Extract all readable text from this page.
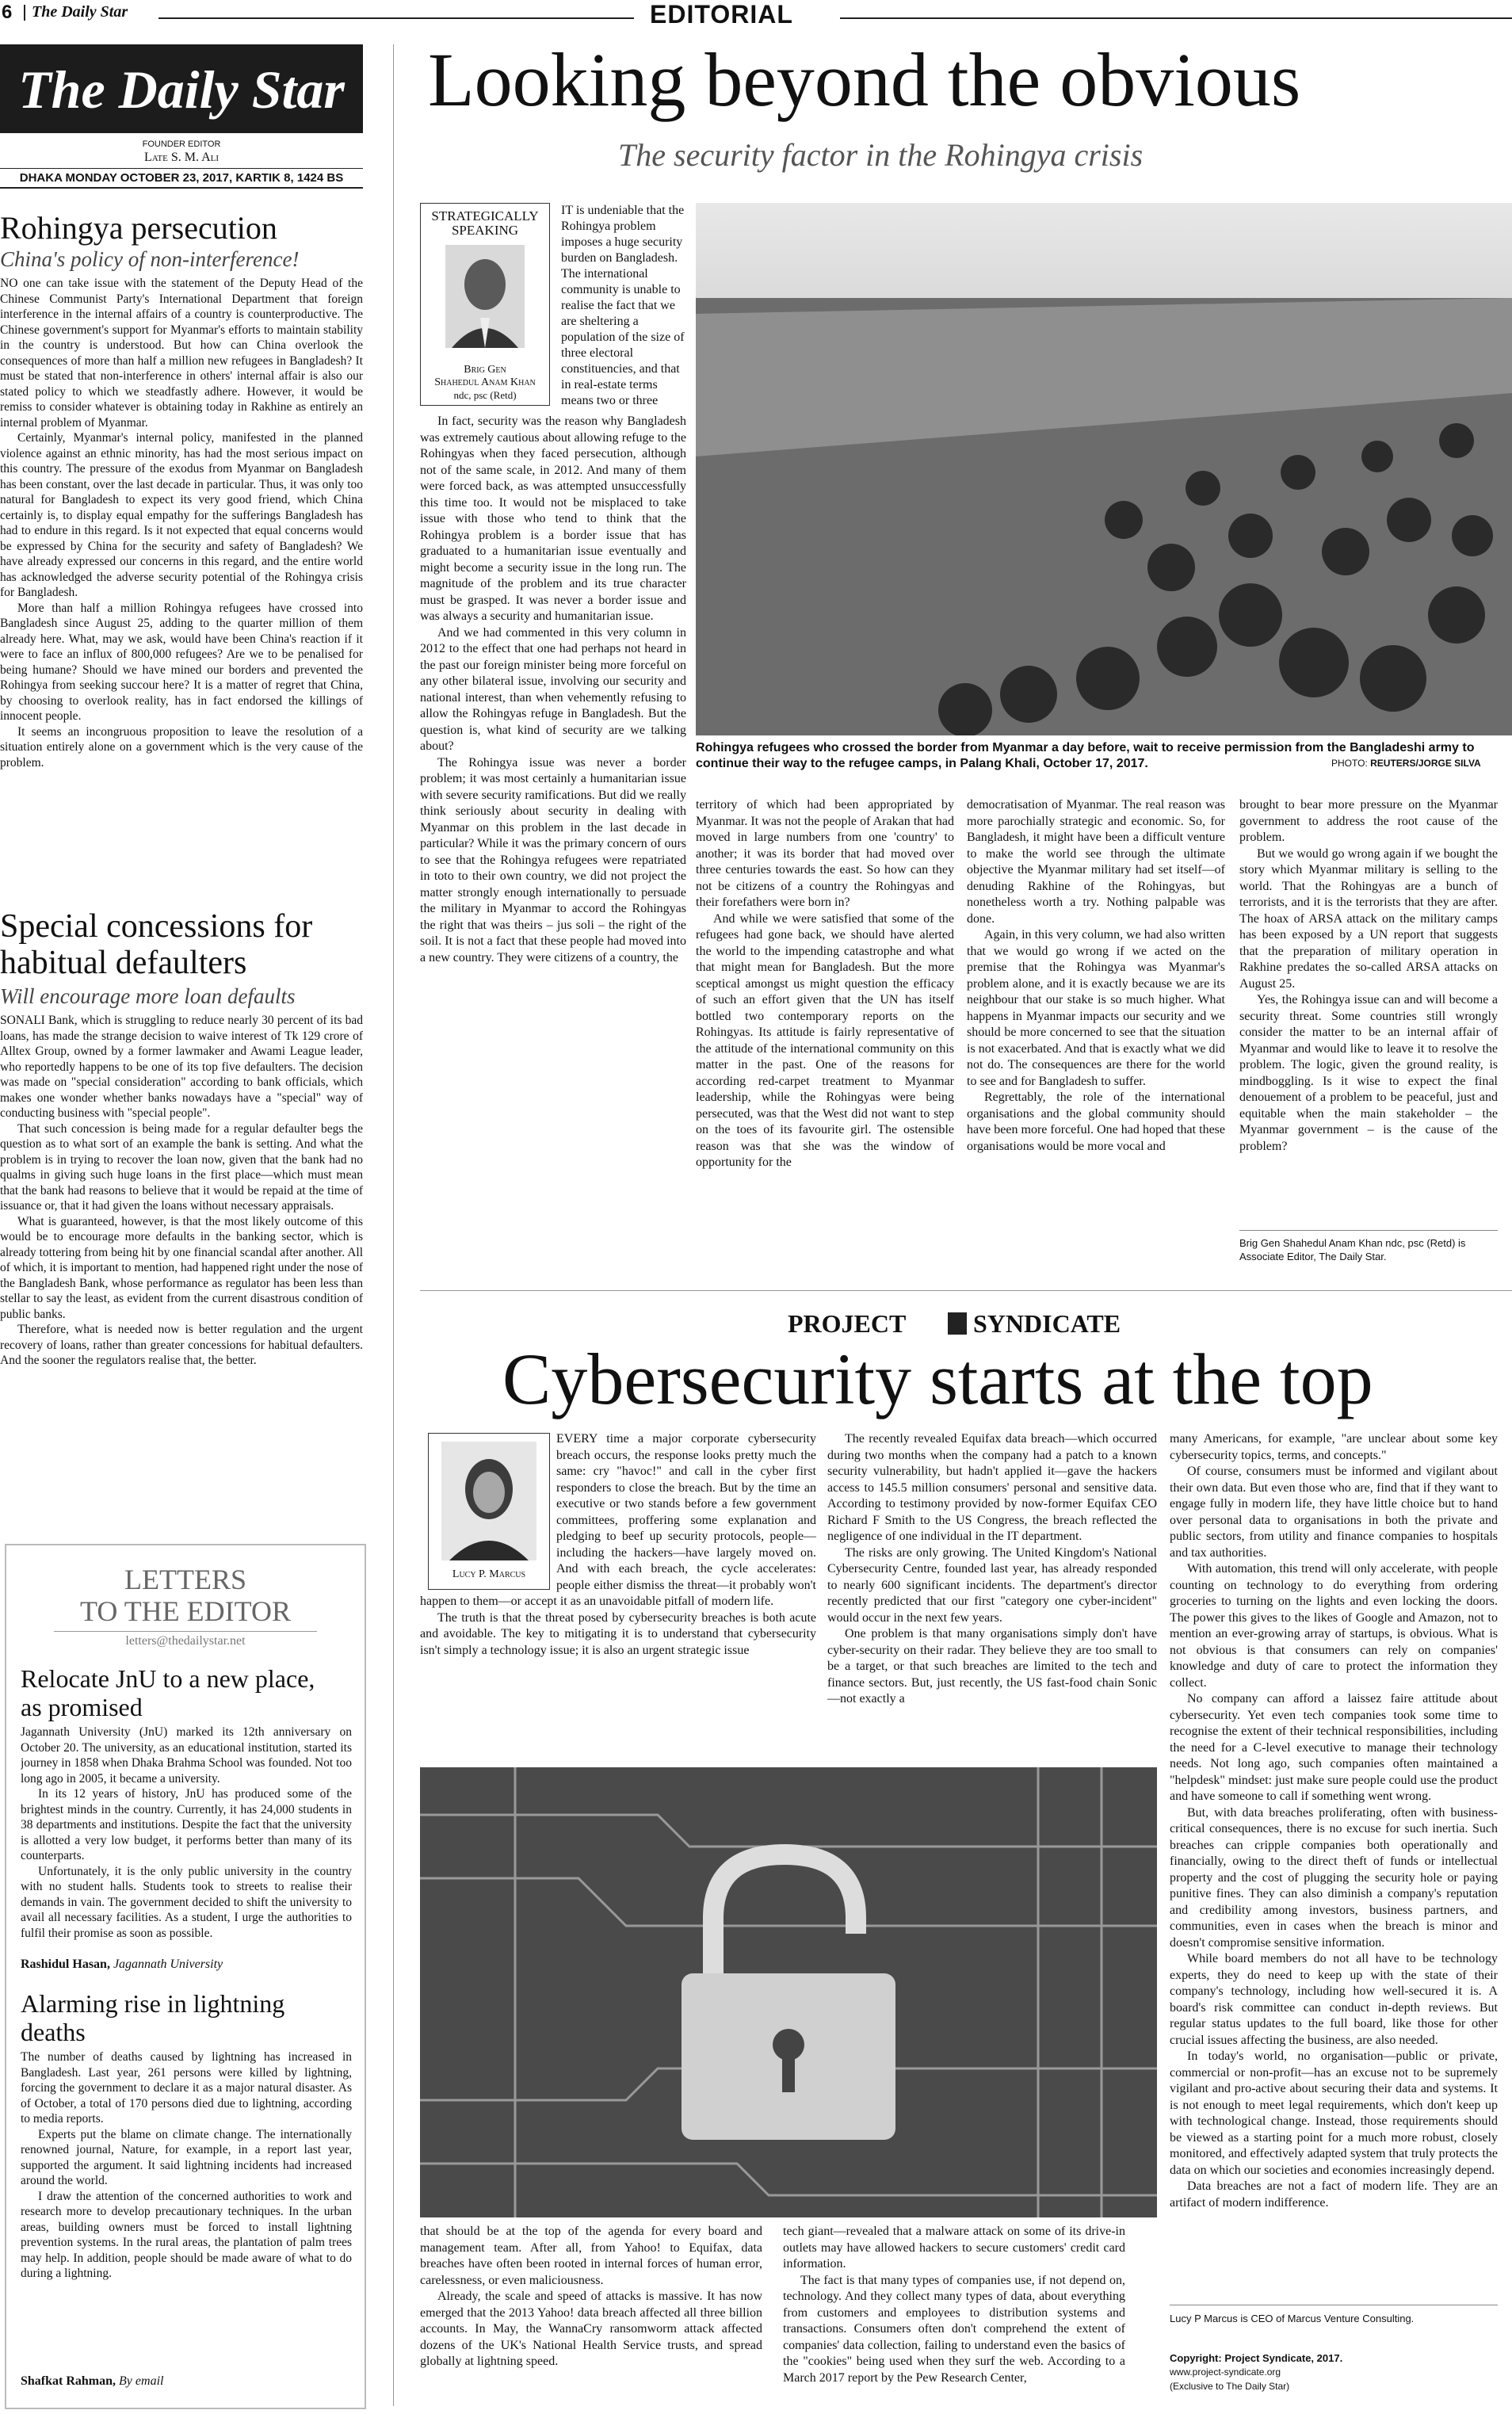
6 The Daily Star	EDITORIAL
The Daily Star
FOUNDER EDITOR
Late S. M. Ali
DHAKA MONDAY OCTOBER 23, 2017, KARTIK 8, 1424 BS
Rohingya persecution
China's policy of non-interference!

NO one can take issue with the statement of the Deputy Head of the Chinese Communist Party's International Department that foreign interference in the internal affairs of a country is counterproductive. The Chinese government's support for Myanmar's efforts to maintain stability in the country is understood. But how can China overlook the consequences of more than half a million new refugees in Bangladesh? It must be stated that non-interference in others' internal affair is also our stated policy to which we steadfastly adhere. However, it would be remiss to consider whatever is obtaining today in Rakhine as entirely an internal problem of Myanmar.

Certainly, Myanmar's internal policy, manifested in the planned violence against an ethnic minority, has had the most serious impact on this country. The pressure of the exodus from Myanmar on Bangladesh has been constant, over the last decade in particular. Thus, it was only too natural for Bangladesh to expect its very good friend, which China certainly is, to display equal empathy for the sufferings Bangladesh has had to endure in this regard. Is it not expected that equal concerns would be expressed by China for the security and safety of Bangladesh? We have already expressed our concerns in this regard, and the entire world has acknowledged the adverse security potential of the Rohingya crisis for Bangladesh.

More than half a million Rohingya refugees have crossed into Bangladesh since August 25, adding to the quarter million of them already here. What, may we ask, would have been China's reaction if it were to face an influx of 800,000 refugees? Are we to be penalised for being humane? Should we have mined our borders and prevented the Rohingya from seeking succour here? It is a matter of regret that China, by choosing to overlook reality, has in fact endorsed the killings of innocent people.

It seems an incongruous proposition to leave the resolution of a situation entirely alone on a government which is the very cause of the problem.

Special concessions for habitual defaulters
Will encourage more loan defaults

SONALI Bank, which is struggling to reduce nearly 30 percent of its bad loans, has made the strange decision to waive interest of Tk 129 crore of Alltex Group, owned by a former lawmaker and Awami League leader, who reportedly happens to be one of its top five defaulters. The decision was made on "special consideration" according to bank officials, which makes one wonder whether banks nowadays have a "special" way of conducting business with "special people".

That such concession is being made for a regular defaulter begs the question as to what sort of an example the bank is setting. And what the problem is in trying to recover the loan now, given that the bank had no qualms in giving such huge loans in the first place—which must mean that the bank had reasons to believe that it would be repaid at the time of issuance or, that it had given the loans without necessary appraisals.

What is guaranteed, however, is that the most likely outcome of this would be to encourage more defaults in the banking sector, which is already tottering from being hit by one financial scandal after another. All of which, it is important to mention, had happened right under the nose of the Bangladesh Bank, whose performance as regulator has been less than stellar to say the least, as evident from the current disastrous condition of public banks.

Therefore, what is needed now is better regulation and the urgent recovery of loans, rather than greater concessions for habitual defaulters. And the sooner the regulators realise that, the better.

LETTERS
TO THE EDITOR
letters@thedailystar.net
Relocate JnU to a new place, as promised

Jagannath University (JnU) marked its 12th anniversary on October 20. The university, as an educational institution, started its journey in 1858 when Dhaka Brahma School was founded. Not too long ago in 2005, it became a university.

In its 12 years of history, JnU has produced some of the brightest minds in the country. Currently, it has 24,000 students in 38 departments and institutions. Despite the fact that the university is allotted a very low budget, it performs better than many of its counterparts.

Unfortunately, it is the only public university in the country with no student halls. Students took to streets to realise their demands in vain. The government decided to shift the university to avail all necessary facilities. As a student, I urge the authorities to fulfil their promise as soon as possible.

Rashidul Hasan, Jagannath University
Alarming rise in lightning deaths

The number of deaths caused by lightning has increased in Bangladesh. Last year, 261 persons were killed by lightning, forcing the government to declare it as a major natural disaster. As of October, a total of 170 persons died due to lightning, according to media reports.

Experts put the blame on climate change. The internationally renowned journal, Nature, for example, in a report last year, supported the argument. It said lightning incidents had increased around the world.

I draw the attention of the concerned authorities to work and research more to develop precautionary techniques. In the urban areas, building owners must be forced to install lightning prevention systems. In the rural areas, the plantation of palm trees may help. In addition, people should be made aware of what to do during a lightning.

Shafkat Rahman, By email
Looking beyond the obvious
The security factor in the Rohingya crisis
STRATEGICALLY
SPEAKING
Brig Gen
Shahedul Anam Khan
ndc, psc (Retd)
Rohingya refugees who crossed the border from Myanmar a day before, wait to receive permission from the Bangladeshi army to continue their way to the refugee camps, in Palang Khali, October 17, 2017.	PHOTO: REUTERS/JORGE SILVA

IT is undeniable that the Rohingya problem imposes a huge security burden on Bangladesh. The international community is unable to realise the fact that we are sheltering a population of the size of three electoral constituencies, and that in real-estate terms means two or three

In fact, security was the reason why Bangladesh was extremely cautious about allowing refuge to the Rohingyas when they faced persecution, although not of the same scale, in 2012. And many of them were forced back, as was attempted unsuccessfully this time too. It would not be misplaced to take issue with those who tend to think that the Rohingya problem is a border issue that has graduated to a humanitarian issue eventually and might become a security issue in the long run. The magnitude of the problem and its true character must be grasped. It was never a border issue and was always a security and humanitarian issue.

And we had commented in this very column in 2012 to the effect that one had perhaps not heard in the past our foreign minister being more forceful on any other bilateral issue, involving our security and national interest, than when vehemently refusing to allow the Rohingyas refuge in Bangladesh. But the question is, what kind of security are we talking about?

The Rohingya issue was never a border problem; it was most certainly a humanitarian issue with severe security ramifications. But did we really think seriously about security in dealing with Myanmar on this problem in the last decade in particular? While it was the primary concern of ours to see that the Rohingya refugees were repatriated in toto to their own country, we did not project the matter strongly enough internationally to persuade the military in Myanmar to accord the Rohingyas the right that was theirs – jus soli – the right of the soil. It is not a fact that these people had moved into a new country. They were citizens of a country, the

territory of which had been appropriated by Myanmar. It was not the people of Arakan that had moved in large numbers from one 'country' to another; it was its border that had moved over three centuries towards the east. So how can they not be citizens of a country the Rohingyas and their forefathers were born in?

And while we were satisfied that some of the refugees had gone back, we should have alerted the world to the impending catastrophe and what that might mean for Bangladesh. But the more sceptical amongst us might question the efficacy of such an effort given that the UN has itself bottled two contemporary reports on the Rohingyas. Its attitude is fairly representative of the attitude of the international community on this matter in the past. One of the reasons for according red-carpet treatment to Myanmar leadership, while the Rohingyas were being persecuted, was that the West did not want to step on the toes of its favourite girl. The ostensible reason was that she was the window of opportunity for the

democratisation of Myanmar. The real reason was more parochially strategic and economic. So, for Bangladesh, it might have been a difficult venture to make the world see through the ultimate objective the Myanmar military had set itself—of denuding Rakhine of the Rohingyas, but nonetheless worth a try. Nothing palpable was done.

Again, in this very column, we had also written that we would go wrong if we acted on the premise that the Rohingya was Myanmar's problem alone, and it is exactly because we are its neighbour that our stake is so much higher. What happens in Myanmar impacts our security and we should be more concerned to see that the situation is not exacerbated. And that is exactly what we did not do. The consequences are there for the world to see and for Bangladesh to suffer.

Regrettably, the role of the international organisations and the global community should have been more forceful. One had hoped that these organisations would be more vocal and

brought to bear more pressure on the Myanmar government to address the root cause of the problem.

But we would go wrong again if we bought the story which Myanmar military is selling to the world. That the Rohingyas are a bunch of terrorists, and it is the terrorists that they are after. The hoax of ARSA attack on the military camps has been exposed by a UN report that suggests that the preparation of military operation in Rakhine predates the so-called ARSA attacks on August 25.

Yes, the Rohingya issue can and will become a security threat. Some countries still wrongly consider the matter to be an internal affair of Myanmar and would like to leave it to resolve the problem. The logic, given the ground reality, is mindboggling. Is it wise to expect the final denouement of a problem to be peaceful, just and equitable when the main stakeholder – the Myanmar government – is the cause of the problem?

Brig Gen Shahedul Anam Khan ndc, psc (Retd) is Associate Editor, The Daily Star.
PROJECT	SYNDICATE
Cybersecurity starts at the top
Lucy P. Marcus

EVERY time a major corporate cybersecurity breach occurs, the response looks pretty much the same: cry "havoc!" and call in the cyber first responders to close the breach. But by the time an executive or two stands before a few government committees, proffering some explanation and pledging to beef up security protocols, people—including the hackers—have largely moved on. And with each breach, the cycle accelerates: people either dismiss the threat—it probably won't happen to them—or accept it as an unavoidable pitfall of modern life.

The truth is that the threat posed by cybersecurity breaches is both acute and avoidable. The key to mitigating it is to understand that cybersecurity isn't simply a technology issue; it is also an urgent strategic issue

The recently revealed Equifax data breach—which occurred during two months when the company had a patch to a known security vulnerability, but hadn't applied it—gave the hackers access to 145.5 million consumers' personal and sensitive data. According to testimony provided by now-former Equifax CEO Richard F Smith to the US Congress, the breach reflected the negligence of one individual in the IT department.

The risks are only growing. The United Kingdom's National Cybersecurity Centre, founded last year, has already responded to nearly 600 significant incidents. The department's director recently predicted that our first "category one cyber-incident" would occur in the next few years.

One problem is that many organisations simply don't have cyber-security on their radar. They believe they are too small to be a target, or that such breaches are limited to the tech and finance sectors. But, just recently, the US fast-food chain Sonic—not exactly a

that should be at the top of the agenda for every board and management team. After all, from Yahoo! to Equifax, data breaches have often been rooted in internal forces of human error, carelessness, or even maliciousness.

Already, the scale and speed of attacks is massive. It has now emerged that the 2013 Yahoo! data breach affected all three billion accounts. In May, the WannaCry ransomworm attack affected dozens of the UK's National Health Service trusts, and spread globally at lightning speed.

tech giant—revealed that a malware attack on some of its drive-in outlets may have allowed hackers to secure customers' credit card information.

The fact is that many types of companies use, if not depend on, technology. And they collect many types of data, about everything from customers and employees to distribution systems and transactions. Consumers often don't comprehend the extent of companies' data collection, failing to understand even the basics of the "cookies" being used when they surf the web. According to a March 2017 report by the Pew Research Center,

many Americans, for example, "are unclear about some key cybersecurity topics, terms, and concepts."

Of course, consumers must be informed and vigilant about their own data. But even those who are, find that if they want to engage fully in modern life, they have little choice but to hand over personal data to organisations in both the private and public sectors, from utility and finance companies to hospitals and tax authorities.

With automation, this trend will only accelerate, with people counting on technology to do everything from ordering groceries to turning on the lights and even locking the doors. The power this gives to the likes of Google and Amazon, not to mention an ever-growing array of startups, is obvious. What is not obvious is that consumers can rely on companies' knowledge and duty of care to protect the information they collect.

No company can afford a laissez faire attitude about cybersecurity. Yet even tech companies took some time to recognise the extent of their technical responsibilities, including the need for a C-level executive to manage their technology needs. Not long ago, such companies often maintained a "helpdesk" mindset: just make sure people could use the product and have someone to call if something went wrong.

But, with data breaches proliferating, often with business-critical consequences, there is no excuse for such inertia. Such breaches can cripple companies both operationally and financially, owing to the direct theft of funds or intellectual property and the cost of plugging the security hole or paying punitive fines. They can also diminish a company's reputation and credibility among investors, business partners, and communities, even in cases when the breach is minor and doesn't compromise sensitive information.

While board members do not all have to be technology experts, they do need to keep up with the state of their company's technology, including how well-secured it is. A board's risk committee can conduct in-depth reviews. But regular status updates to the full board, like those for other crucial issues affecting the business, are also needed.

In today's world, no organisation—public or private, commercial or non-profit—has an excuse not to be supremely vigilant and pro-active about securing their data and systems. It is not enough to meet legal requirements, which don't keep up with technological change. Instead, those requirements should be viewed as a starting point for a much more robust, closely monitored, and effectively adapted system that truly protects the data on which our societies and economies increasingly depend.

Data breaches are not a fact of modern life. They are an artifact of modern indifference.

Lucy P Marcus is CEO of Marcus Venture Consulting.
Copyright: Project Syndicate, 2017.
www.project-syndicate.org
(Exclusive to The Daily Star)
